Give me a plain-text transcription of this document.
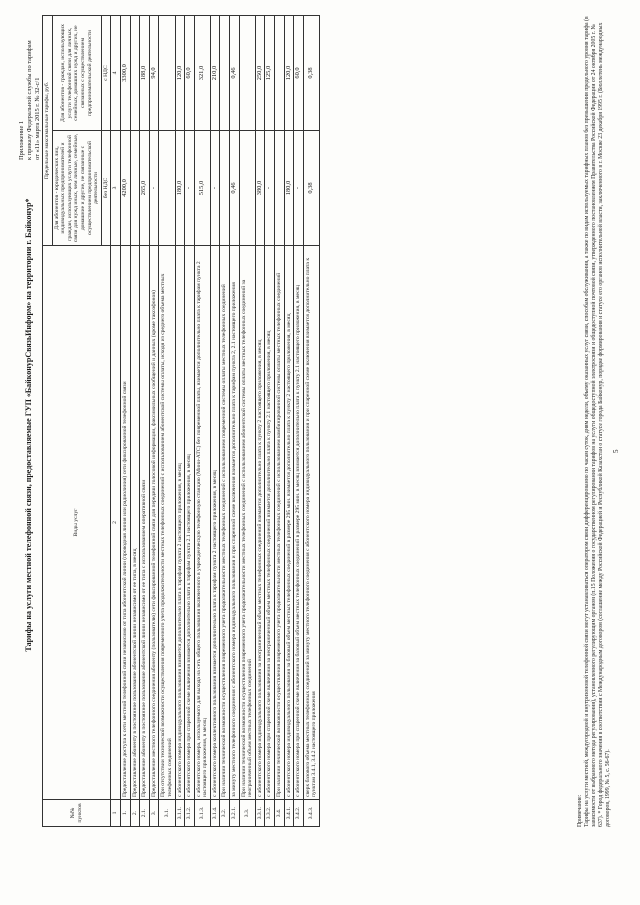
Приложение 1 к приказу Федеральной службы по тарифам от «11» марта 2015 г. № 32-с/1
Тарифы на услуги местной телефонной связи, предоставляемые ГУП «БайконурСвязьИнформ» на территории г. Байконур*
№№ пунктов	Виды услуг	Предельные максимальные тарифы, руб.	
		Для абонентов - юридических лиц, индивидуальных предпринимателей и граждан, использующих услуги телефонной связи для нужд иных, чем личные, семейные, домашние и другие, не связанные с осуществлением предпринимательской деятельности	Для абонентов - граждан, использующих услуги телефонной связи для личных, семейных, домашних нужд и других, не связанных с осуществлением предпринимательской деятельности
		без НДС	с НДС
1	2	3	4
1.	Предоставление доступа к сети местной телефонной связи независимо от типа абонентской линии (проводная линия или радиолиния) сети фиксированной телефонной связи	4200,0	3300,0
2.	Предоставление абоненту в постоянное пользование абонентской линии независимо от ее типа, в месяц		
2.1.	Предоставление абоненту в постоянное пользование абонентской линии независимо от ее типа с использованием оперативной связи	265,0	188,0
3.	Предоставление местного телефонного соединения абоненту (пользователю) сети фиксированной телефонной связи для передачи голосовой информации, факсимильных сообщений и данных (кроме таксофонов)	-	94,0
3.1.	При отсутствии технической возможности осуществления повременного учета продолжительности местных телефонных соединений с использованием абонентской системы оплаты, исходя из среднего объема местных телефонных соединений		
3.1.1.	с абонентского номера индивидуального пользования взимается дополнительно плата к тарифам пункта 2 настоящего приложения, в месяц	180,0	120,0
3.1.2.	с абонентского номера при спаренной схеме включения взимается дополнительно плата к тарифам пункта 2.1 настоящего приложения, в месяц	-	60,0
3.1.3.	с абонентского номера, используемого для выхода на сеть общего пользования включенного в учрежденческую телефонную станцию (Мини-АТС) без повременной платы, взимается дополнительно плата к тарифам пункта 2 настоящего приложения, в месяц	515,0	321,0
3.1.4.	с абонентского номера коллективного пользования взимается дополнительно плата к тарифам пункта 2 настоящего приложения, в месяц	-	210,0
3.2.	При наличии технической возможности осуществления повременного учета продолжительности местных телефонных соединений с использованием повременной системы оплаты местных телефонных соединений		
3.2.1.	за минуту местного телефонного соединения с абонентского номера индивидуального пользования и при спаренной схеме включения взимается дополнительно плата к тарифам пункта 2, 2.1 настоящего приложения	0,46	0,46
3.3.	При наличии технической возможности осуществления повременного учета продолжительности местных телефонных соединений с использованием абонентской системы оплаты местных телефонных соединений за неограниченный объем местных телефонных соединений		
3.3.1.	с абонентского номера индивидуального пользования за неограниченный объем местных телефонных соединений взимается дополнительно плата к пункту 2 настоящего приложения, в месяц	380,0	250,0
3.3.2.	с абонентского номера при спаренной схеме включения за неограниченный объем местных телефонных соединений взимается дополнительно плата к пункту 2.1 настоящего приложения, в месяц	-	125,0
3.4.	При наличии технической возможности осуществления повременного учета продолжительности местных телефонных соединений с использованием комбинированной системы оплаты местных телефонных соединений		
3.4.1.	с абонентского номера индивидуального пользования за базовый объем местных телефонных соединений в размере 295 мин. взимается дополнительно плата к пункту 2 настоящего приложения, в месяц	180,0	120,0
3.4.2.	с абонентского номера при спаренной схеме включения за базовый объем местных телефонных соединений в размере 295 мин. в месяц взимается дополнительно плата к пункту 2.1 настоящего приложения, в месяц	-	60,0
3.4.3.	сверх базового объема местных телефонных соединений за минуту местного телефонного соединения с абонентского номера индивидуального пользования и при спаренной схеме включения взимается дополнительно плата к пунктам 3.4.1, 3.4.2 настоящего приложения	0,38	0,38
Примечание: Тарифы на услуги местной, междугородной и внутризоновой телефонной связи могут устанавливаться оператором связи дифференцированно по часам суток, дням недели, объему оказанных услуг связи, способам обслуживания, а также по видам используемых тарифных планов без превышения предельного уровня тарифа (в зависимости от выбранного метода регулирования), установленного регулирующим органом (п.15 Положения о государственном регулировании тарифов на услуги общедоступной электросвязи и общедоступной почтовой связи, утвержденного постановлением Правительства Российской Федерации от 24 октября 2005 г. № 637). * Город федерального значения в соответствии с Международным договором (соглашение между Российской Федерацией и Республикой Казахстан о статусе города Байконур, порядке формирования и статусе его органов исполнительной власти, заключенного в г. Москве 23 декабря 1995 г. (Бюллетень международных договоров, 1999, № 5, с. 56-67).
5
